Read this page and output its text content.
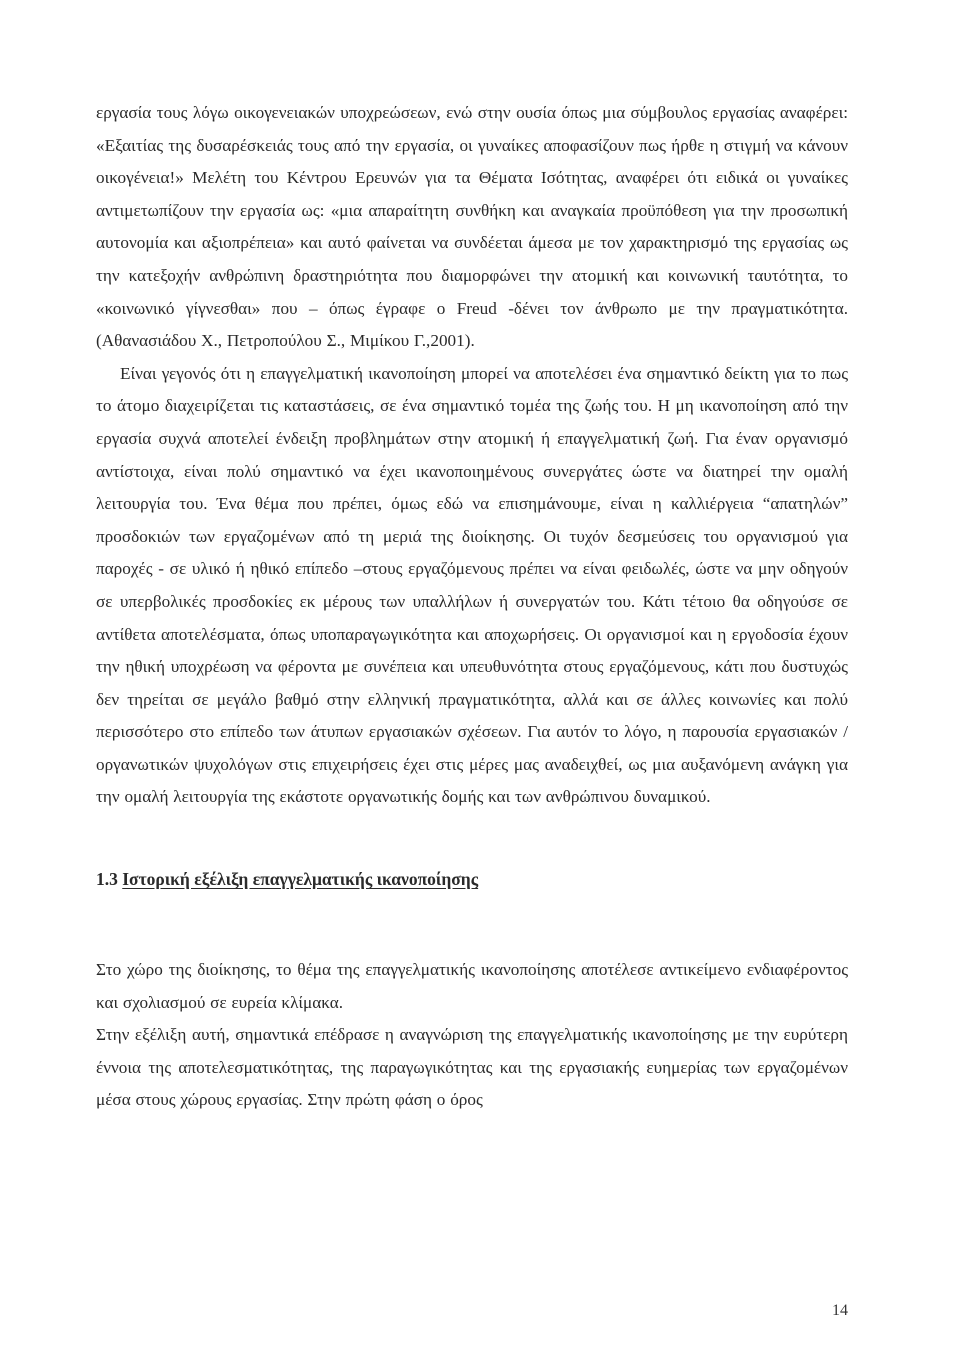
εργασία τους λόγω οικογενειακών υποχρεώσεων, ενώ στην ουσία όπως μια σύμβουλος εργασίας αναφέρει: «Εξαιτίας της δυσαρέσκειάς τους από την εργασία, οι γυναίκες αποφασίζουν πως ήρθε η στιγμή να κάνουν οικογένεια!» Μελέτη του Κέντρου Ερευνών για τα Θέματα Ισότητας, αναφέρει ότι ειδικά οι γυναίκες αντιμετωπίζουν την εργασία ως: «μια απαραίτητη συνθήκη και αναγκαία προϋπόθεση για την προσωπική αυτονομία και αξιοπρέπεια» και αυτό φαίνεται να συνδέεται άμεσα με τον χαρακτηρισμό της εργασίας ως την κατεξοχήν ανθρώπινη δραστηριότητα που διαμορφώνει την ατομική και κοινωνική ταυτότητα, το «κοινωνικό γίγνεσθαι» που – όπως έγραφε ο Freud -δένει τον άνθρωπο με την πραγματικότητα. (Αθανασιάδου Χ., Πετροπούλου Σ., Μιμίκου Γ.,2001).

Είναι γεγονός ότι η επαγγελματική ικανοποίηση μπορεί να αποτελέσει ένα σημαντικό δείκτη για το πως το άτομο διαχειρίζεται τις καταστάσεις, σε ένα σημαντικό τομέα της ζωής του. Η μη ικανοποίηση από την εργασία συχνά αποτελεί ένδειξη προβλημάτων στην ατομική ή επαγγελματική ζωή. Για έναν οργανισμό αντίστοιχα, είναι πολύ σημαντικό να έχει ικανοποιημένους συνεργάτες ώστε να διατηρεί την ομαλή λειτουργία του. Ένα θέμα που πρέπει, όμως εδώ να επισημάνουμε, είναι η καλλιέργεια “απατηλών” προσδοκιών των εργαζομένων από τη μεριά της διοίκησης. Οι τυχόν δεσμεύσεις του οργανισμού για παροχές - σε υλικό ή ηθικό επίπεδο –στους εργαζόμενους πρέπει να είναι φειδωλές, ώστε να μην οδηγούν σε υπερβολικές προσδοκίες εκ μέρους των υπαλλήλων ή συνεργατών του. Κάτι τέτοιο θα οδηγούσε σε αντίθετα αποτελέσματα, όπως υποπαραγωγικότητα και αποχωρήσεις. Οι οργανισμοί και η εργοδοσία έχουν την ηθική υποχρέωση να φέροντα με συνέπεια και υπευθυνότητα στους εργαζόμενους, κάτι που δυστυχώς δεν τηρείται σε μεγάλο βαθμό στην ελληνική πραγματικότητα, αλλά και σε άλλες κοινωνίες και πολύ περισσότερο στο επίπεδο των άτυπων εργασιακών σχέσεων. Για αυτόν το λόγο, η παρουσία εργασιακών / οργανωτικών ψυχολόγων στις επιχειρήσεις έχει στις μέρες μας αναδειχθεί, ως μια αυξανόμενη ανάγκη για την ομαλή λειτουργία της εκάστοτε οργανωτικής δομής και των ανθρώπινου δυναμικού.

1.3 Ιστορική εξέλιξη επαγγελματικής ικανοποίησης

Στο χώρο της διοίκησης, το θέμα της επαγγελματικής ικανοποίησης αποτέλεσε αντικείμενο ενδιαφέροντος και σχολιασμού σε ευρεία κλίμακα.

Στην εξέλιξη αυτή, σημαντικά επέδρασε η αναγνώριση της επαγγελματικής ικανοποίησης με την ευρύτερη έννοια της αποτελεσματικότητας, της παραγωγικότητας και της εργασιακής ευημερίας των εργαζομένων μέσα στους χώρους εργασίας. Στην πρώτη φάση ο όρος

14
